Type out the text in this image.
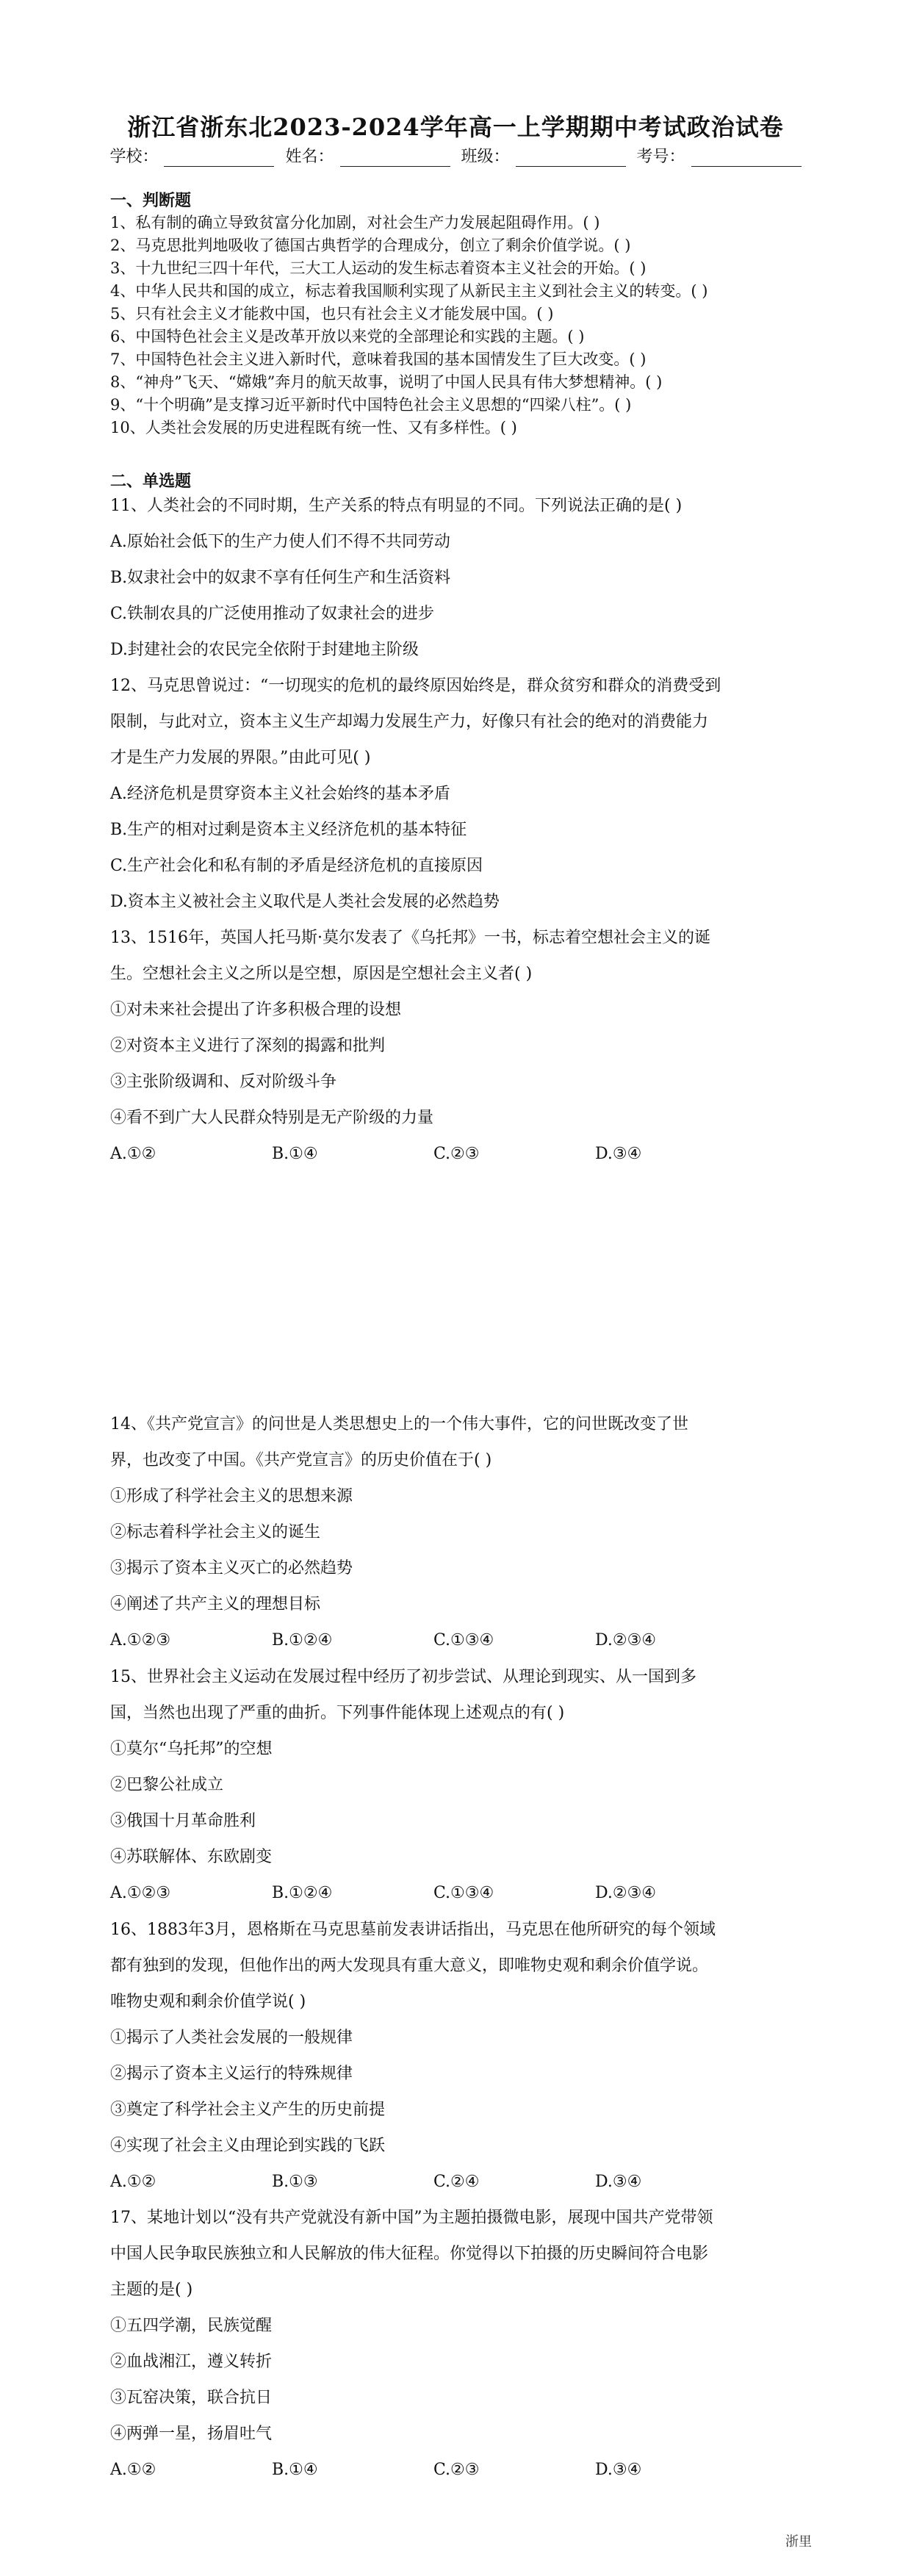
浙江省浙东北2023-2024学年高一上学期期中考试政治试卷
学校：	姓名：	班级：	考号：
一、判断题

1、私有制的确立导致贫富分化加剧，对社会生产力发展起阻碍作用。( )

2、马克思批判地吸收了德国古典哲学的合理成分，创立了剩余价值学说。( )

3、十九世纪三四十年代，三大工人运动的发生标志着资本主义社会的开始。( )

4、中华人民共和国的成立，标志着我国顺利实现了从新民主主义到社会主义的转变。( )

5、只有社会主义才能救中国，也只有社会主义才能发展中国。( )

6、中国特色社会主义是改革开放以来党的全部理论和实践的主题。( )

7、中国特色社会主义进入新时代，意味着我国的基本国情发生了巨大改变。( )

8、“神舟”飞天、“嫦娥”奔月的航天故事，说明了中国人民具有伟大梦想精神。( )

9、“十个明确”是支撑习近平新时代中国特色社会主义思想的“四梁八柱”。( )

10、人类社会发展的历史进程既有统一性、又有多样性。( )

二、单选题

11、人类社会的不同时期，生产关系的特点有明显的不同。下列说法正确的是( )

A.原始社会低下的生产力使人们不得不共同劳动

B.奴隶社会中的奴隶不享有任何生产和生活资料

C.铁制农具的广泛使用推动了奴隶社会的进步

D.封建社会的农民完全依附于封建地主阶级

12、马克思曾说过：“一切现实的危机的最终原因始终是，群众贫穷和群众的消费受到

限制，与此对立，资本主义生产却竭力发展生产力，好像只有社会的绝对的消费能力

才是生产力发展的界限。”由此可见( )

A.经济危机是贯穿资本主义社会始终的基本矛盾

B.生产的相对过剩是资本主义经济危机的基本特征

C.生产社会化和私有制的矛盾是经济危机的直接原因

D.资本主义被社会主义取代是人类社会发展的必然趋势

13、1516年，英国人托马斯·莫尔发表了《乌托邦》一书，标志着空想社会主义的诞

生。空想社会主义之所以是空想，原因是空想社会主义者( )

①对未来社会提出了许多积极合理的设想

②对资本主义进行了深刻的揭露和批判

③主张阶级调和、反对阶级斗争

④看不到广大人民群众特别是无产阶级的力量

A.①②	B.①④	C.②③	D.③④

14、《共产党宣言》的问世是人类思想史上的一个伟大事件，它的问世既改变了世

界，也改变了中国。《共产党宣言》的历史价值在于( )

①形成了科学社会主义的思想来源

②标志着科学社会主义的诞生

③揭示了资本主义灭亡的必然趋势

④阐述了共产主义的理想目标

A.①②③	B.①②④	C.①③④	D.②③④

15、世界社会主义运动在发展过程中经历了初步尝试、从理论到现实、从一国到多

国，当然也出现了严重的曲折。下列事件能体现上述观点的有( )

①莫尔“乌托邦”的空想

②巴黎公社成立

③俄国十月革命胜利

④苏联解体、东欧剧变

A.①②③	B.①②④	C.①③④	D.②③④

16、1883年3月，恩格斯在马克思墓前发表讲话指出，马克思在他所研究的每个领域

都有独到的发现，但他作出的两大发现具有重大意义，即唯物史观和剩余价值学说。

唯物史观和剩余价值学说( )

①揭示了人类社会发展的一般规律

②揭示了资本主义运行的特殊规律

③奠定了科学社会主义产生的历史前提

④实现了社会主义由理论到实践的飞跃

A.①②	B.①③	C.②④	D.③④

17、某地计划以“没有共产党就没有新中国”为主题拍摄微电影，展现中国共产党带领

中国人民争取民族独立和人民解放的伟大征程。你觉得以下拍摄的历史瞬间符合电影

主题的是( )

①五四学潮，民族觉醒

②血战湘江，遵义转折

③瓦窑决策，联合抗日

④两弹一星，扬眉吐气

A.①②	B.①④	C.②③	D.③④
浙里
